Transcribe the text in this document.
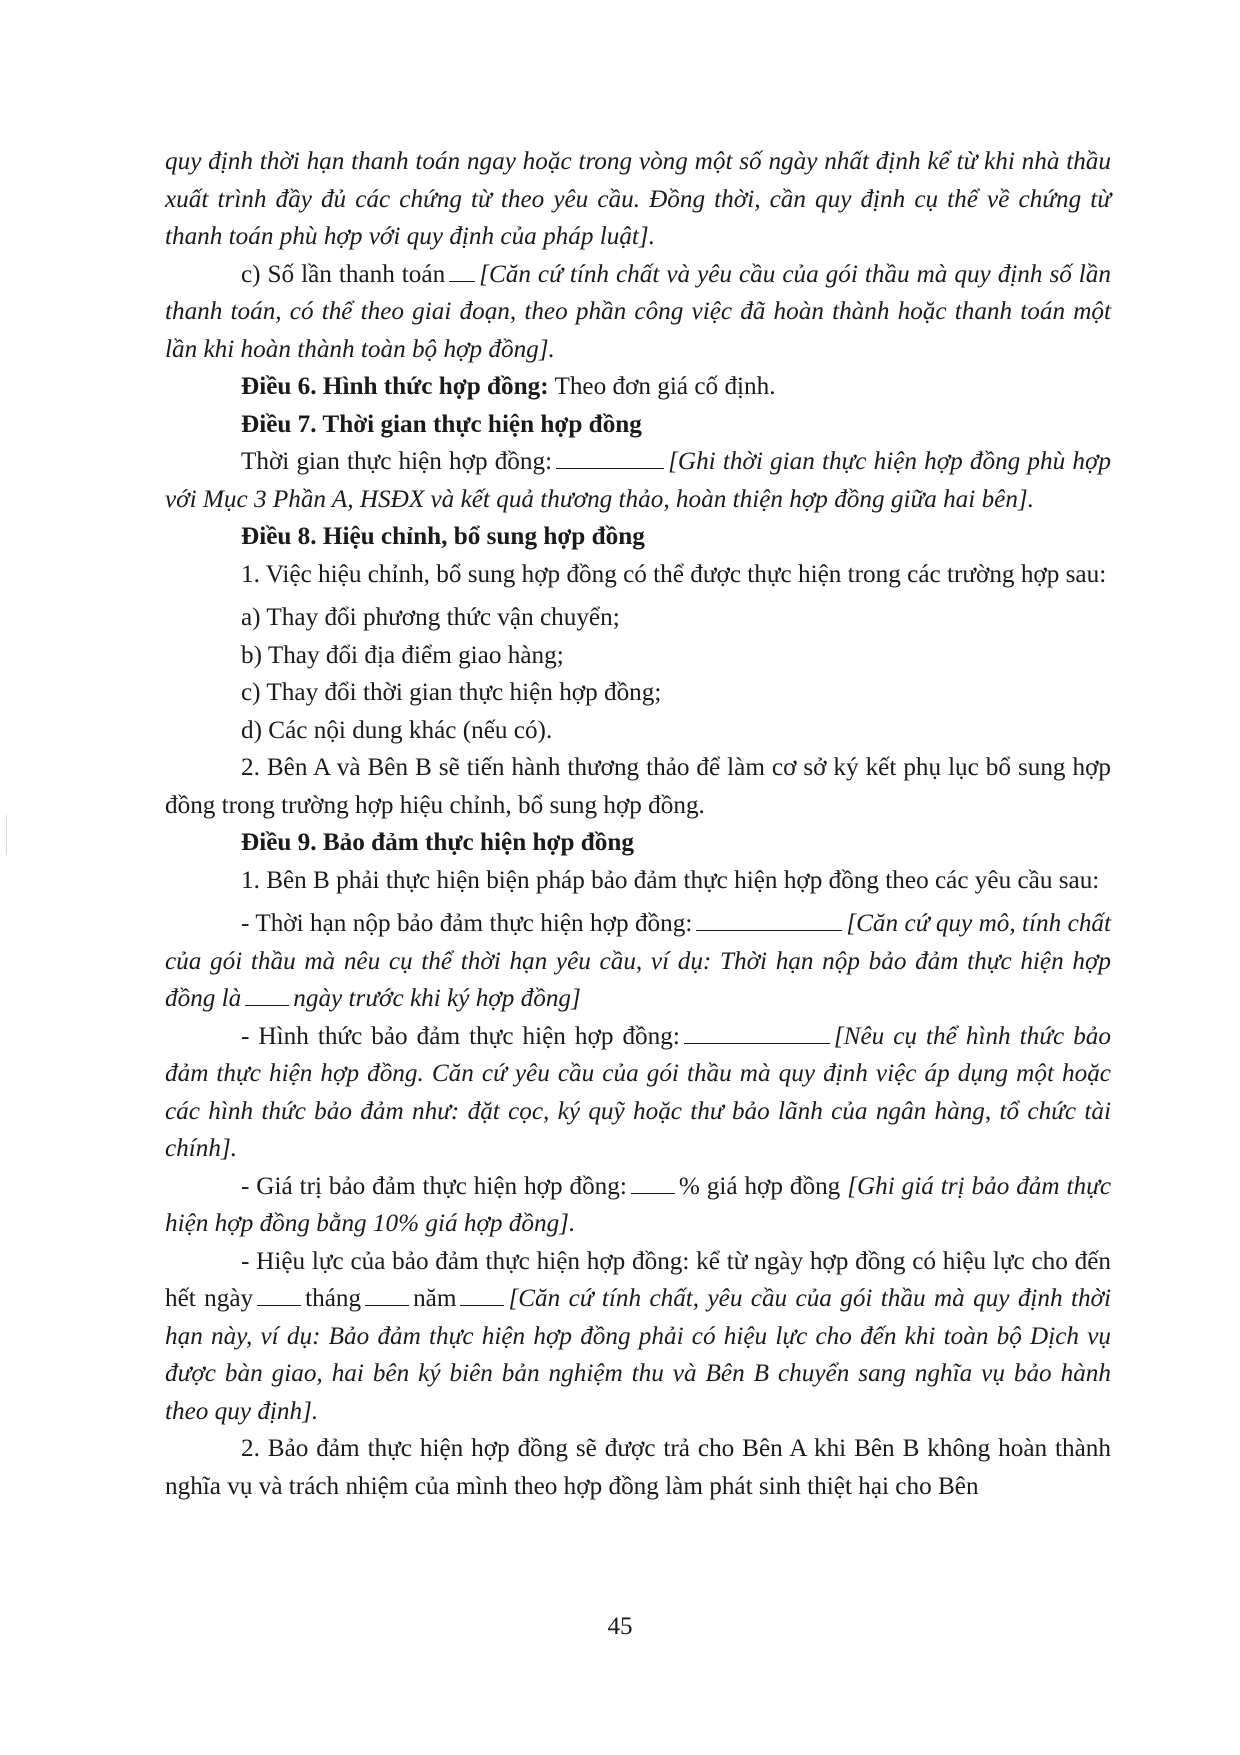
quy định thời hạn thanh toán ngay hoặc trong vòng một số ngày nhất định kể từ khi nhà thầu xuất trình đầy đủ các chứng từ theo yêu cầu. Đồng thời, cần quy định cụ thể về chứng từ thanh toán phù hợp với quy định của pháp luật].

c) Số lần thanh toán [Căn cứ tính chất và yêu cầu của gói thầu mà quy định số lần thanh toán, có thể theo giai đoạn, theo phần công việc đã hoàn thành hoặc thanh toán một lần khi hoàn thành toàn bộ hợp đồng].

Điều 6. Hình thức hợp đồng: Theo đơn giá cố định.

Điều 7. Thời gian thực hiện hợp đồng

Thời gian thực hiện hợp đồng:	[Ghi thời gian thực hiện hợp đồng phù hợp với Mục 3 Phần A, HSĐX và kết quả thương thảo, hoàn thiện hợp đồng giữa hai bên].

Điều 8. Hiệu chỉnh, bổ sung hợp đồng

1. Việc hiệu chỉnh, bổ sung hợp đồng có thể được thực hiện trong các trường hợp sau:

a) Thay đổi phương thức vận chuyển;

b) Thay đổi địa điểm giao hàng;

c) Thay đổi thời gian thực hiện hợp đồng;

d) Các nội dung khác (nếu có).

2. Bên A và Bên B sẽ tiến hành thương thảo để làm cơ sở ký kết phụ lục bổ sung hợp đồng trong trường hợp hiệu chỉnh, bổ sung hợp đồng.

Điều 9. Bảo đảm thực hiện hợp đồng

1. Bên B phải thực hiện biện pháp bảo đảm thực hiện hợp đồng theo các yêu cầu sau:

- Thời hạn nộp bảo đảm thực hiện hợp đồng:	[Căn cứ quy mô, tính chất của gói thầu mà nêu cụ thể thời hạn yêu cầu, ví dụ: Thời hạn nộp bảo đảm thực hiện hợp đồng là ngày trước khi ký hợp đồng]

- Hình thức bảo đảm thực hiện hợp đồng:	[Nêu cụ thể hình thức bảo đảm thực hiện hợp đồng. Căn cứ yêu cầu của gói thầu mà quy định việc áp dụng một hoặc các hình thức bảo đảm như: đặt cọc, ký quỹ hoặc thư bảo lãnh của ngân hàng, tổ chức tài chính].

- Giá trị bảo đảm thực hiện hợp đồng: % giá hợp đồng [Ghi giá trị bảo đảm thực hiện hợp đồng bằng 10% giá hợp đồng].

- Hiệu lực của bảo đảm thực hiện hợp đồng: kể từ ngày hợp đồng có hiệu lực cho đến hết ngày tháng năm [Căn cứ tính chất, yêu cầu của gói thầu mà quy định thời hạn này, ví dụ: Bảo đảm thực hiện hợp đồng phải có hiệu lực cho đến khi toàn bộ Dịch vụ được bàn giao, hai bên ký biên bản nghiệm thu và Bên B chuyển sang nghĩa vụ bảo hành theo quy định].

2. Bảo đảm thực hiện hợp đồng sẽ được trả cho Bên A khi Bên B không hoàn thành nghĩa vụ và trách nhiệm của mình theo hợp đồng làm phát sinh thiệt hại cho Bên

45
